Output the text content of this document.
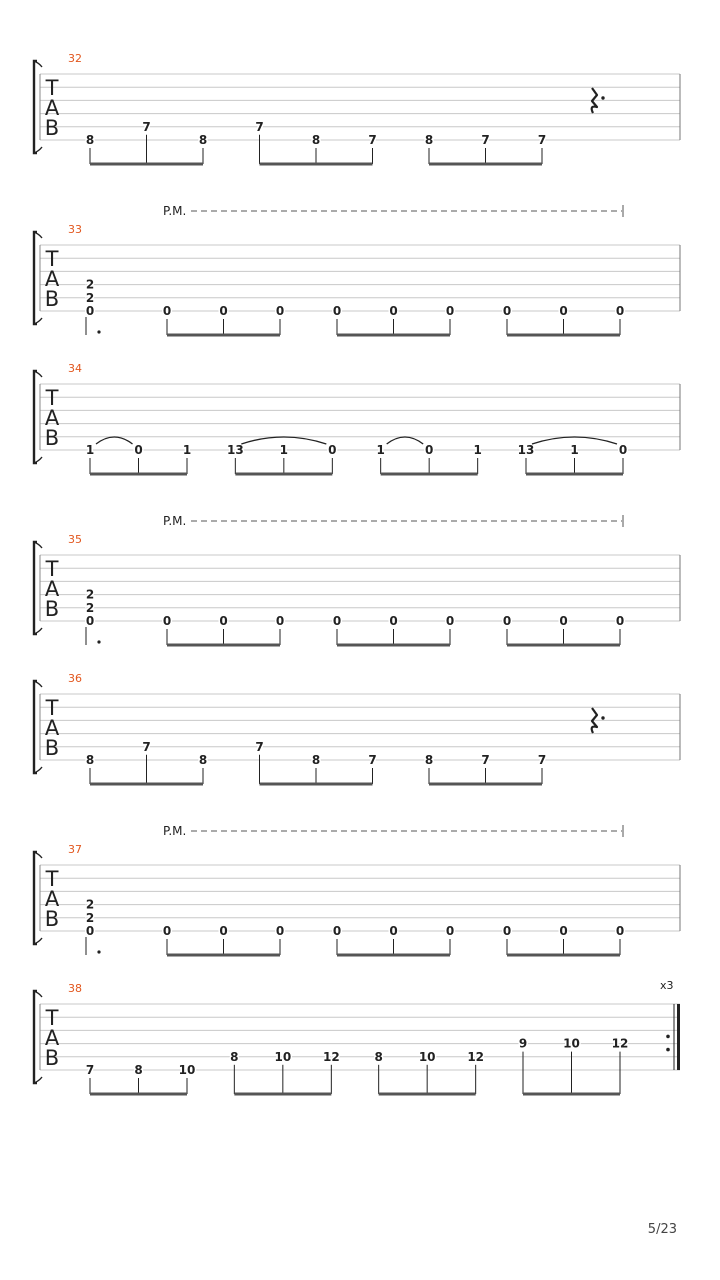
T
A
B
32
8
7
8
7
8	7	8	7	7
T
A
B
33
P.M.
2
2
0	0	0	0	0	0	0	0	0	0
T
A
B
34
1	0	1	13	1	0	1	0	1	13	1	0
T
A
B
35
P.M.
2
2
0	0	0	0	0	0	0	0	0	0
T
A
B
36
8
7
8
7
8	7	8	7	7
T
A
B
37
P.M.
2
2
0	0	0	0	0	0	0	0	0	0
T
A
B
38	x3
7	8	10
8	10	12	8	10	12
9	10	12
5/23
